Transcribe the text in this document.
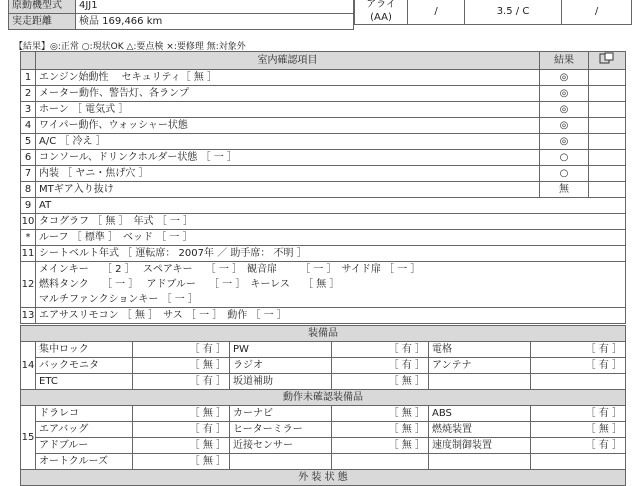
原動機型式	4JJ1
実走距離	検品 169,466 km
アライ
(AA)
	/	3.5 / C	/

【結果】◎:正常 ○:現状OK △:要点検 ×:要修理 無:対象外
	室内確認項目	結果	
1	エンジン始動性　 セキュリティ［ 無 ］	◎	
2	メーター動作、警告灯、各ランプ	◎	
3	ホーン ［ 電気式 ］	◎	
4	ワイパー動作、ウォッシャー状態	◎	
5	A/C ［ 冷え ］	◎	
6	コンソール、ドリンクホルダー状態 ［ 一 ］	○	
7	内装 ［ ヤニ・焦げ穴 ］	○	
8	MTギア入り抜け	無	
9	AT		
10	タコグラフ ［ 無 ］　年式 ［ 一 ］		
*	ルーフ ［ 標準 ］　ベッド ［ 一 ］		
11	シートベルト年式 ［ 運転席： 2007年 ／ 助手席： 不明 ］		
12	メインキー　 ［ 2 ］　 スペアキー　 ［ 一 ］　観音扉　　 ［ 一 ］　サイド扉 ［ 一 ］
燃料タンク　 ［ 一 ］　 アドブルー　 ［ 一 ］　キーレス　 ［ 無 ］
マルチファンクションキー ［ 一 ］		

13	エアサスリモコン ［ 無 ］　サス ［ 一 ］　動作 ［ 一 ］		
装備品						
14	集中ロック	［ 有 ］	PW	［ 有 ］	電格	［ 有 ］
	バックモニタ	［ 無 ］	ラジオ	［ 有 ］	アンテナ	［ 有 ］
	ETC	［ 有 ］	坂道補助	［ 無 ］		
動作未確認装備品						
15	ドラレコ	［ 無 ］	カーナビ	［ 無 ］	ABS	［ 有 ］
	エアバッグ	［ 有 ］	ヒーターミラー	［ 無 ］	燃焼装置	［ 無 ］
	アドブルー	［ 無 ］	近接センサー	［ 無 ］	速度制御装置	［ 有 ］
	オートクルーズ	［ 無 ］				
外 装 状 態						
